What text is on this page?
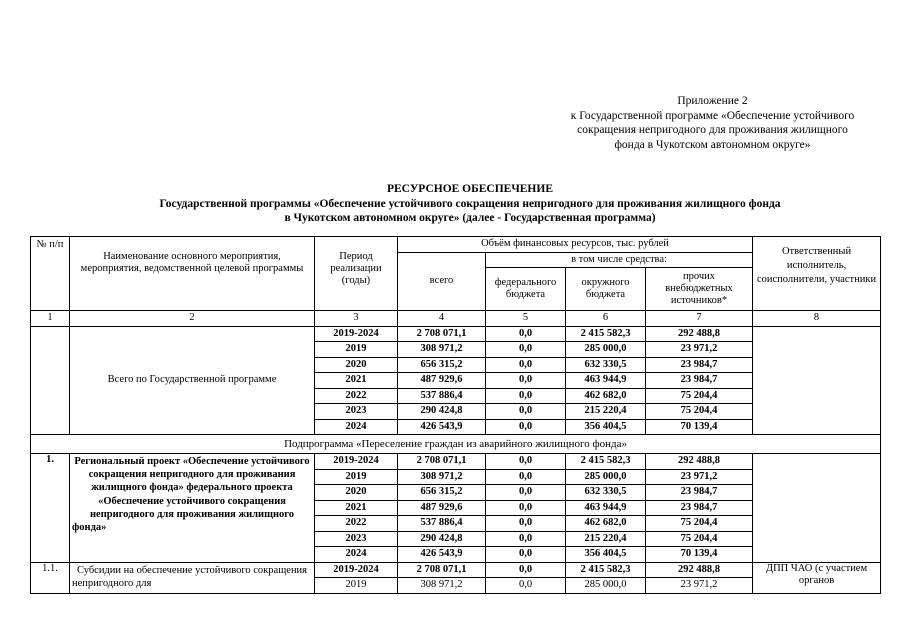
Приложение 2
к Государственной программе «Обеспечение устойчивого
сокращения непригодного для проживания жилищного
фонда в Чукотском автономном округе»
РЕСУРСНОЕ ОБЕСПЕЧЕНИЕ
Государственной программы «Обеспечение устойчивого сокращения непригодного для проживания жилищного фонда
в Чукотском автономном округе» (далее - Государственная программа)
№ п/п	Наименование основного мероприятия, мероприятия, ведомственной целевой программы	Период реализации (годы)	Объём финансовых ресурсов, тыс. рублей				Ответственный исполнитель, соисполнители, участники
			всего	в том числе средства:			
				федерального бюджета	окружного бюджета	прочих внебюджетных источников*	
1	2	3	4	5	6	7	8
	Всего по Государственной программе	2019-2024	2 708 071,1	0,0	2 415 582,3	292 488,8	
		2019	308 971,2	0,0	285 000,0	23 971,2	
		2020	656 315,2	0,0	632 330,5	23 984,7	
		2021	487 929,6	0,0	463 944,9	23 984,7	
		2022	537 886,4	0,0	462 682,0	75 204,4	
		2023	290 424,8	0,0	215 220,4	75 204,4	
		2024	426 543,9	0,0	356 404,5	70 139,4	
Подпрограмма «Переселение граждан из аварийного жилищного фонда»							
1.	Региональный проект «Обеспечение устойчивого сокращения непригодного для проживания жилищного фонда» федерального проекта «Обеспечение устойчивого сокращения непригодного для проживания жилищного фонда»	2019-2024	2 708 071,1	0,0	2 415 582,3	292 488,8	
		2019	308 971,2	0,0	285 000,0	23 971,2	
		2020	656 315,2	0,0	632 330,5	23 984,7	
		2021	487 929,6	0,0	463 944,9	23 984,7	
		2022	537 886,4	0,0	462 682,0	75 204,4	
		2023	290 424,8	0,0	215 220,4	75 204,4	
		2024	426 543,9	0,0	356 404,5	70 139,4	
1.1.	Субсидии на обеспечение устойчивого сокращения непригодного для	2019-2024	2 708 071,1	0,0	2 415 582,3	292 488,8	ДПП ЧАО (с участием органов
		2019	308 971,2	0,0	285 000,0	23 971,2	
